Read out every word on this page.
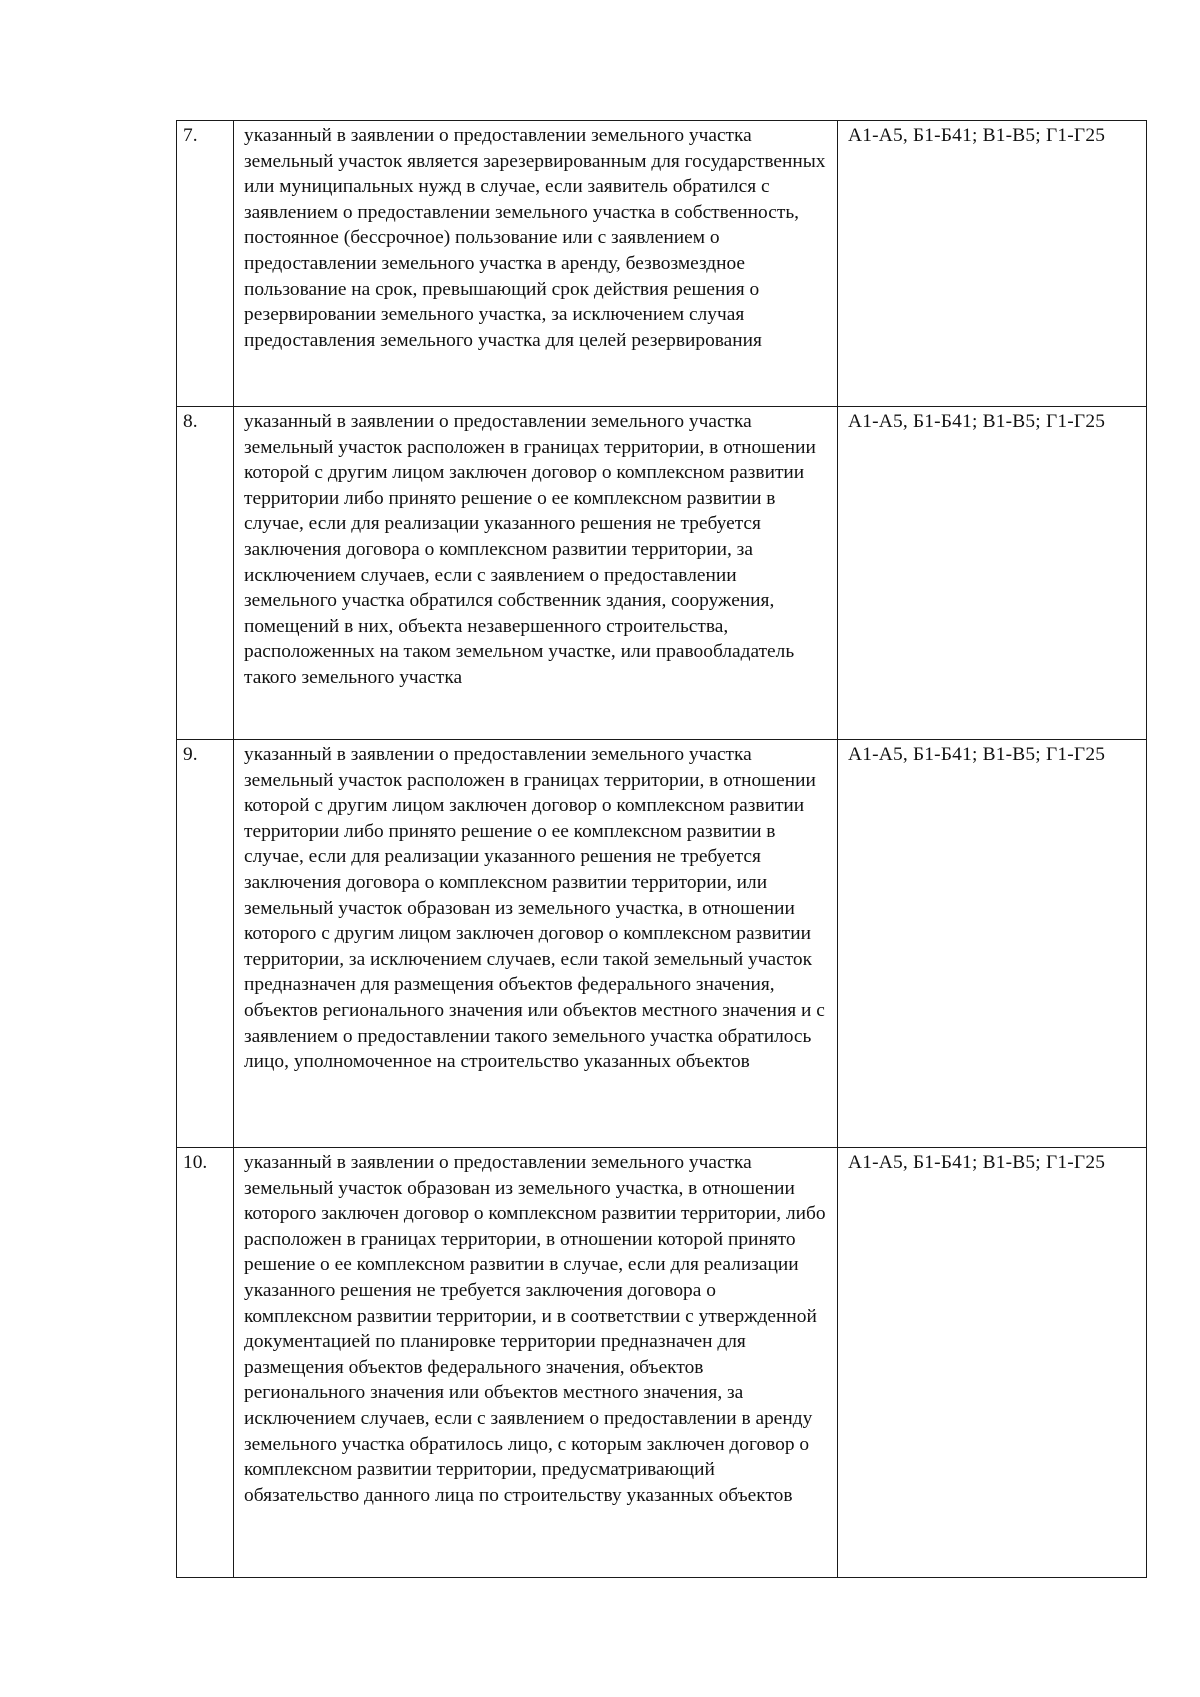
7.	указанный в заявлении о предоставлении земельного участка земельный участок является зарезервированным для государственных или муниципальных нужд в случае, если заявитель обратился с заявлением о предоставлении земельного участка в собственность, постоянное (бессрочное) пользование или с заявлением о предоставлении земельного участка в аренду, безвозмездное пользование на срок, превышающий срок действия решения о резервировании земельного участка, за исключением случая предоставления земельного участка для целей резервирования	А1-А5, Б1-Б41; В1-В5; Г1-Г25
8.	указанный в заявлении о предоставлении земельного участка земельный участок расположен в границах территории, в отношении которой с другим лицом заключен договор о комплексном развитии территории либо принято решение о ее комплексном развитии в случае, если для реализации указанного решения не требуется заключения договора о комплексном развитии территории, за исключением случаев, если с заявлением о предоставлении земельного участка обратился собственник здания, сооружения, помещений в них, объекта незавершенного строительства, расположенных на таком земельном участке, или правообладатель такого земельного участка	А1-А5, Б1-Б41; В1-В5; Г1-Г25
9.	указанный в заявлении о предоставлении земельного участка земельный участок расположен в границах территории, в отношении которой с другим лицом заключен договор о комплексном развитии территории либо принято решение о ее комплексном развитии в случае, если для реализации указанного решения не требуется заключения договора о комплексном развитии территории, или земельный участок образован из земельного участка, в отношении которого с другим лицом заключен договор о комплексном развитии территории, за исключением случаев, если такой земельный участок предназначен для размещения объектов федерального значения, объектов регионального значения или объектов местного значения и с заявлением о предоставлении такого земельного участка обратилось лицо, уполномоченное на строительство указанных объектов	А1-А5, Б1-Б41; В1-В5; Г1-Г25
10.	указанный в заявлении о предоставлении земельного участка земельный участок образован из земельного участка, в отношении которого заключен договор о комплексном развитии территории, либо расположен в границах территории, в отношении которой принято решение о ее комплексном развитии в случае, если для реализации указанного решения не требуется заключения договора о комплексном развитии территории, и в соответствии с утвержденной документацией по планировке территории предназначен для размещения объектов федерального значения, объектов регионального значения или объектов местного значения, за исключением случаев, если с заявлением о предоставлении в аренду земельного участка обратилось лицо, с которым заключен договор о комплексном развитии территории, предусматривающий обязательство данного лица по строительству указанных объектов	А1-А5, Б1-Б41; В1-В5; Г1-Г25
